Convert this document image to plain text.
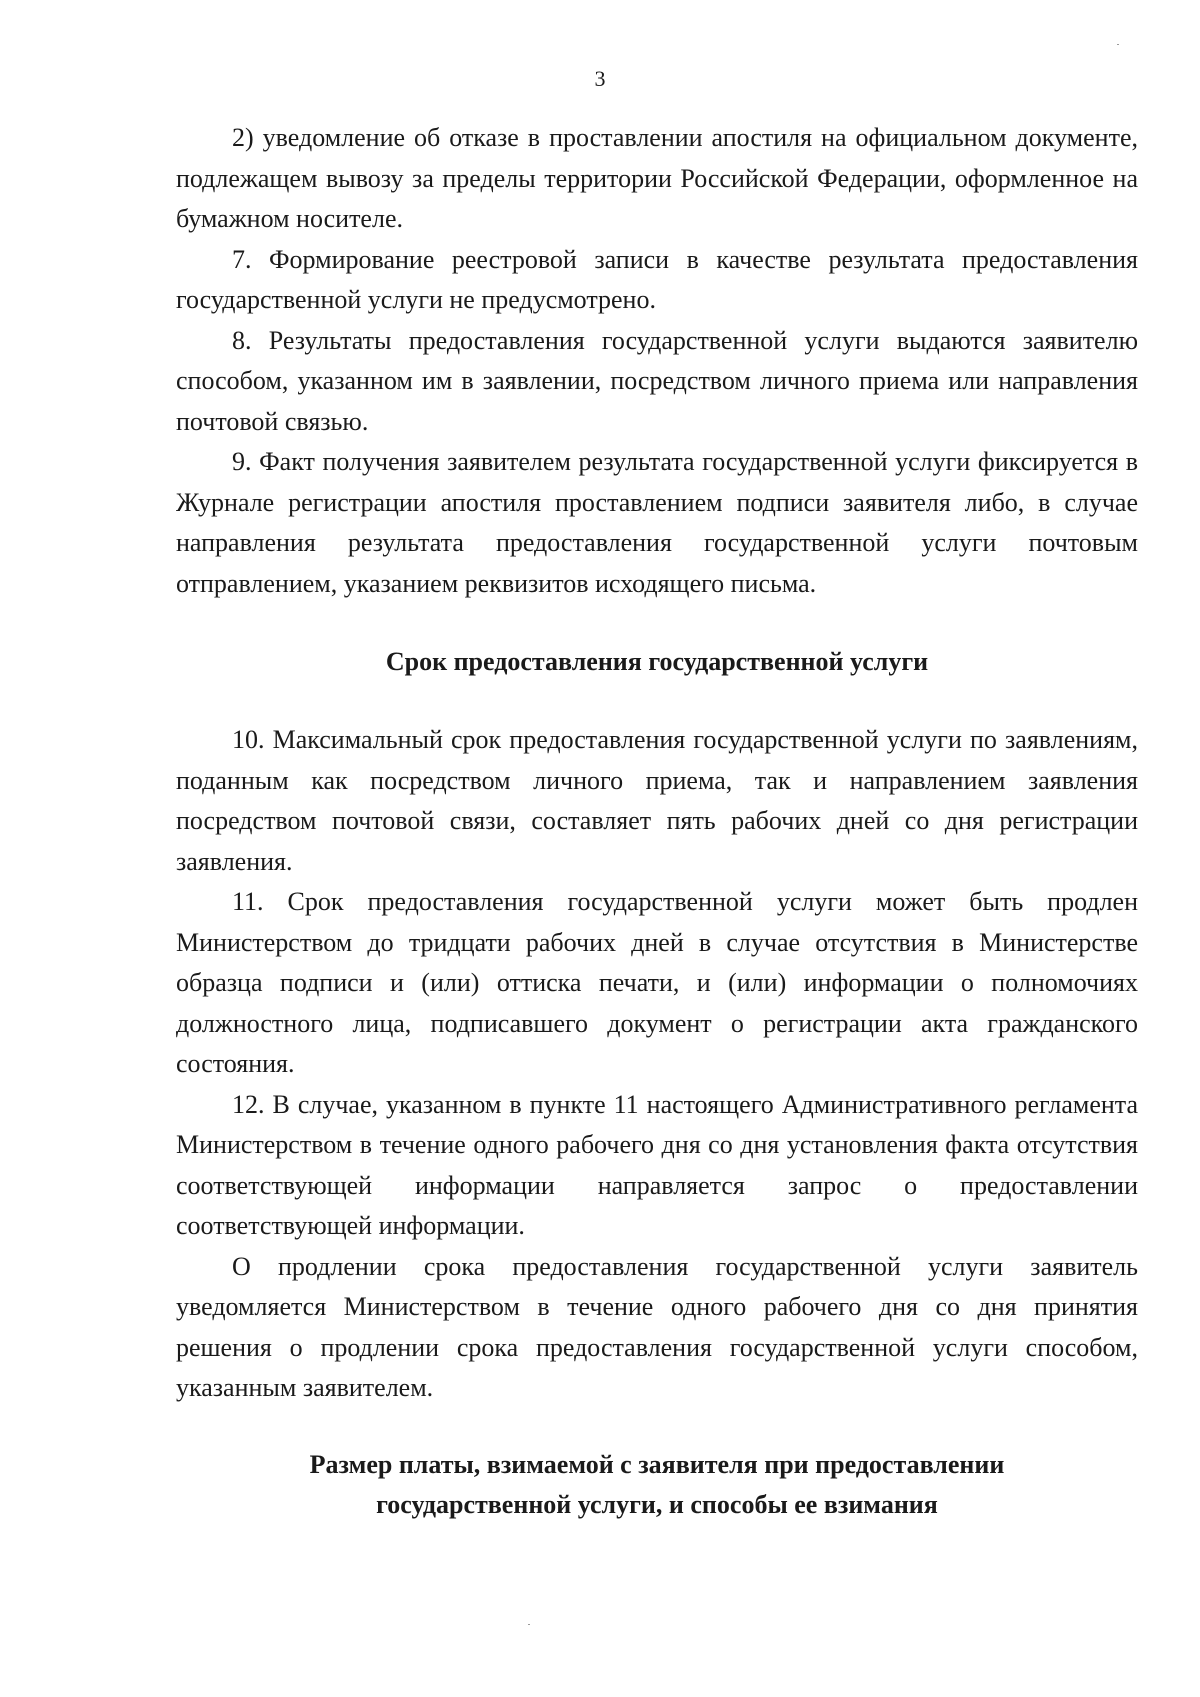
3

2) уведомление об отказе в проставлении апостиля на официальном документе, подлежащем вывозу за пределы территории Российской Федерации, оформленное на бумажном носителе.

7. Формирование реестровой записи в качестве результата предоставления государственной услуги не предусмотрено.

8. Результаты предоставления государственной услуги выдаются заявителю способом, указанном им в заявлении, посредством личного приема или направления почтовой связью.

9. Факт получения заявителем результата государственной услуги фиксируется в Журнале регистрации апостиля проставлением подписи заявителя либо, в случае направления результата предоставления государственной услуги почтовым отправлением, указанием реквизитов исходящего письма.

Срок предоставления государственной услуги

10. Максимальный срок предоставления государственной услуги по заявлениям, поданным как посредством личного приема, так и направлением заявления посредством почтовой связи, составляет пять рабочих дней со дня регистрации заявления.

11. Срок предоставления государственной услуги может быть продлен Министерством до тридцати рабочих дней в случае отсутствия в Министерстве образца подписи и (или) оттиска печати, и (или) информации о полномочиях должностного лица, подписавшего документ о регистрации акта гражданского состояния.

12. В случае, указанном в пункте 11 настоящего Административного регламента Министерством в течение одного рабочего дня со дня установления факта отсутствия соответствующей информации направляется запрос о предоставлении соответствующей информации.

О продлении срока предоставления государственной услуги заявитель уведомляется Министерством в течение одного рабочего дня со дня принятия решения о продлении срока предоставления государственной услуги способом, указанным заявителем.

Размер платы, взимаемой с заявителя при предоставлении
государственной услуги, и способы ее взимания
